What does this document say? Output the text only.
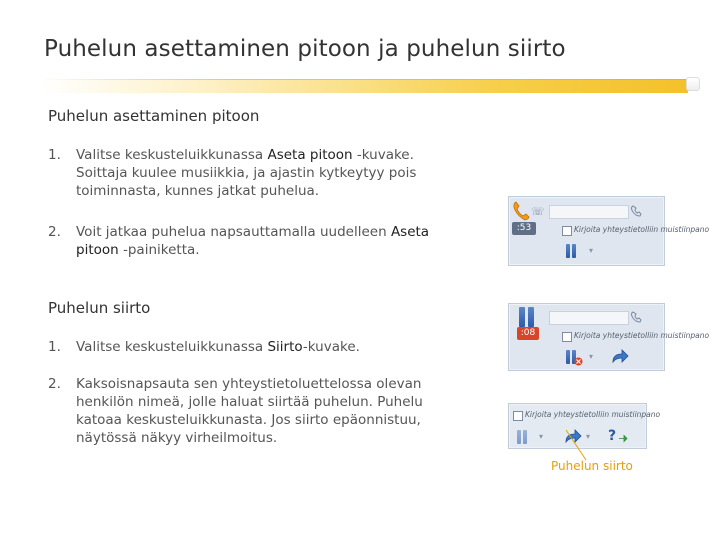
Puhelun asettaminen pitoon ja puhelun siirto
Puhelun asettaminen pitoon
1. Valitse keskusteluikkunassa Aseta pitoon -kuvake.
Soittaja kuulee musiikkia, ja ajastin kytkeytyy pois
toiminnasta, kunnes jatkat puhelua.
2. Voit jatkaa puhelua napsauttamalla uudelleen Aseta
pitoon -painiketta.
Puhelun siirto
1. Valitse keskusteluikkunassa Siirto-kuvake.
2. Kaksoisnapsauta sen yhteystietoluettelossa olevan
henkilön nimeä, jolle haluat siirtää puhelun. Puhelu
katoaa keskusteluikkunasta. Jos siirto epäonnistuu,
näytössä näkyy virheilmoitus.
☏
:53	Kirjoita yhteystietolliin muistiinpano
▾
:08	Kirjoita yhteystietolliin muistiinpano
▾
Kirjoita yhteystietolliin muistiinpano
▾	▾ ?
Puhelun siirto
